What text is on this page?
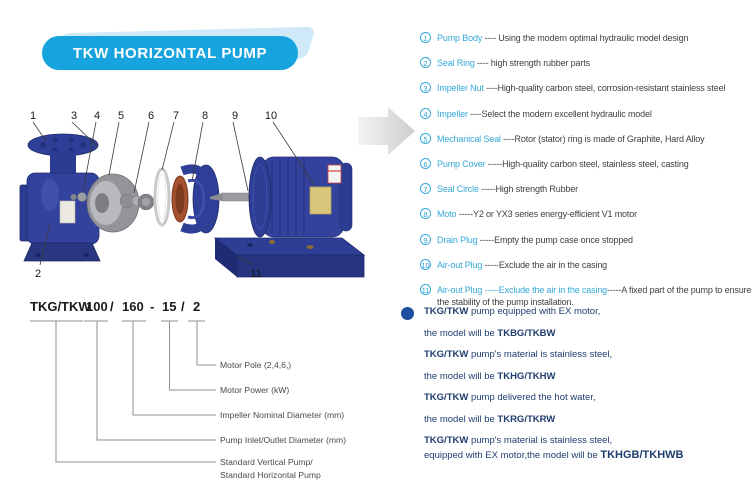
TKW HORIZONTAL PUMP
1	3 4 5 6 7 8 9 10
2	11
1	Pump Body ---- Using the modern optimal hydraulic model design
2	Seal Ring ---- high strength rubber parts
3	Impeller Nut ----High-quality carbon steel, corrosion-resistant stainless steel
4	Impeller ----Select the modern excellent hydraulic model
5	Mechanical Seal ----Rotor (stator) ring is made of Graphite, Hard Alloy
6	Pump Cover -----High-quality carbon steel, stainless steel, casting
7	Seal Circle -----High strength Rubber
8	Moto -----Y2 or YX3 series energy-efficient V1 motor
9	Drain Plug -----Empty the pump case once stopped
10 Air-out Plug -----Exclude the air in the casing
11 Air-out Plug -----Exclude the air in the casing-----A fixed part of the pump to ensure the stability of the pump installation.
TKG/TKW
100 / 160 - 15 / 2
Motor Pole (2,4,6,)
Motor Power (kW)
Impeller Nominal Diameter (mm)
Pump Inlet/Outlet Diameter (mm)
Standard Vertical Pump/
Standard Horizontal Pump

TKG/TKW pump equipped with EX motor,

the model will be TKBG/TKBW

TKG/TKW pump's material is stainless steel,

the model will be TKHG/TKHW

TKG/TKW pump delivered the hot water,

the model will be TKRG/TKRW

TKG/TKW pump's material is stainless steel,

equipped with EX motor,the model will be TKHGB/TKHWB
